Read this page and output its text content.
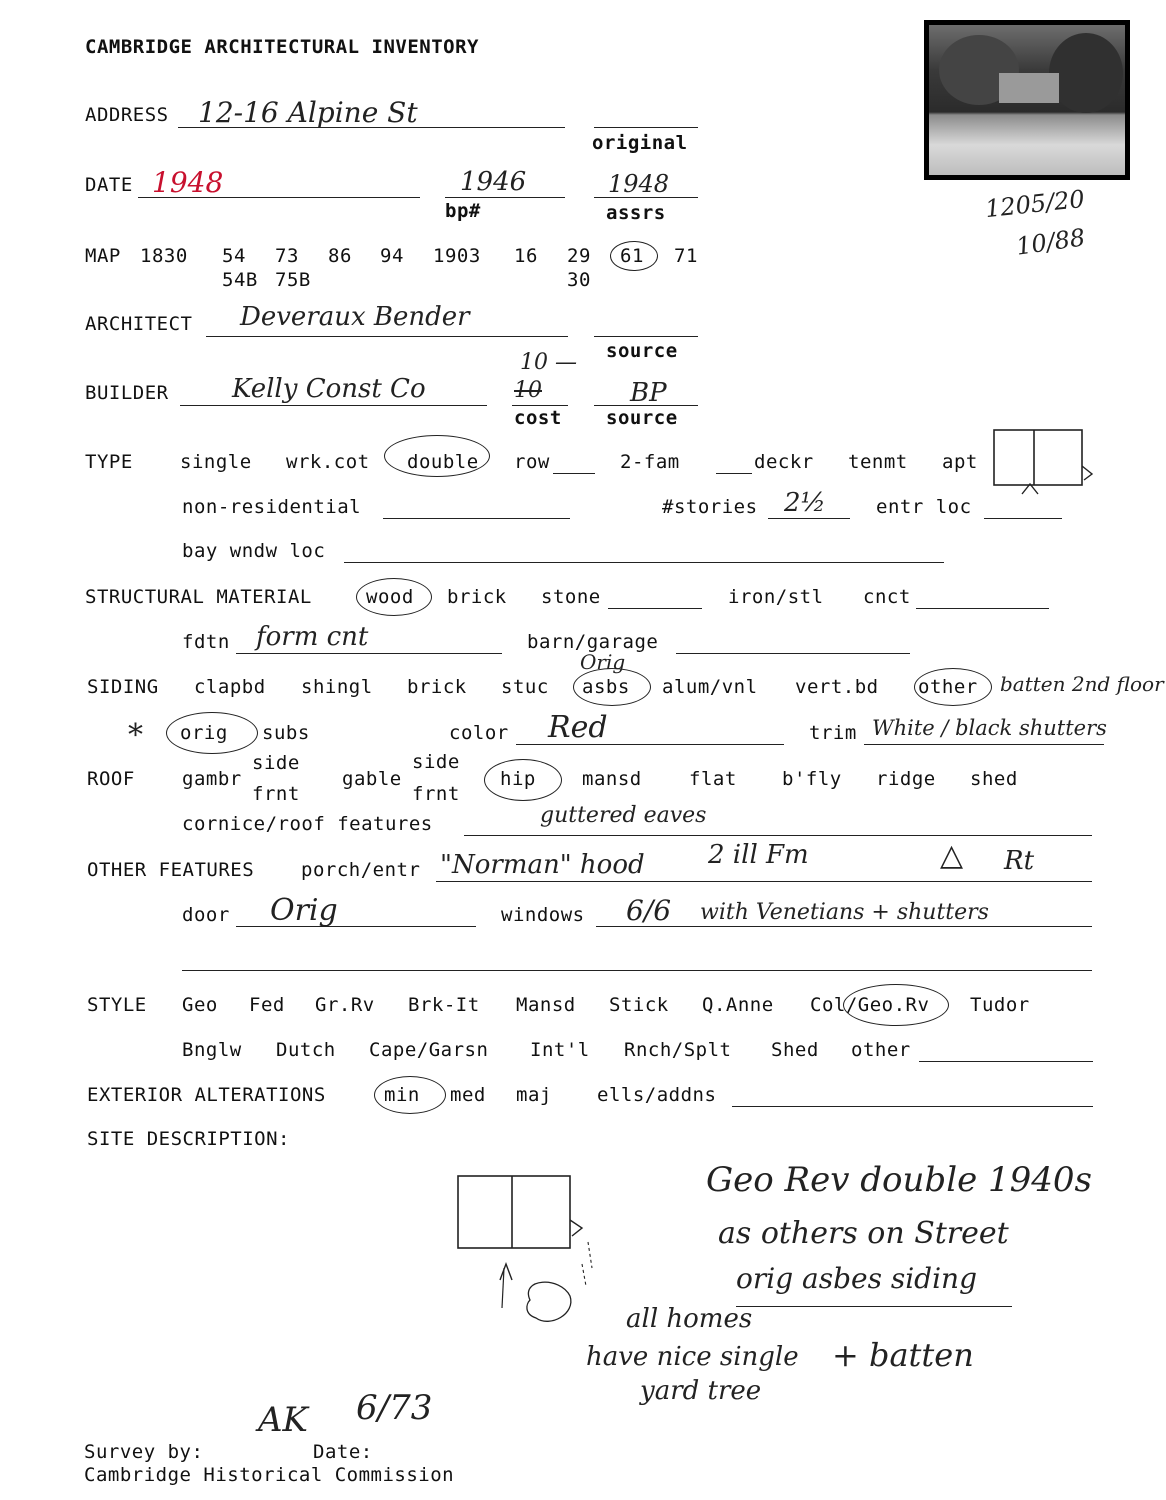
CAMBRIDGE ARCHITECTURAL INVENTORY
1205/20
10/88
ADDRESS 12-16 Alpine St
original
DATE 1948	1946
bp#
1948
assrs
MAP 1830 54 73 86 94 1903 16 29 61 71
54B 75B	30
ARCHITECT Deveraux Bender
source
BUILDER Kelly Const Co
10 —
10
cost
BP
source
TYPE single wrk.cot double row	2-fam	deckr tenmt apt
non-residential	#stories 2½	entr loc
bay wndw loc
STRUCTURAL MATERIAL	wood brick stone	iron/stl cnct
fdtn form cnt	barn/garage
Orig
SIDING clapbd shingl brick stuc asbs alum/vnl vert.bd other batten 2nd floor
* orig subs	color Red	trim White / black shutters
ROOF gambr
side
frnt
gable
side
frnt
hip mansd flat b'fly ridge shed
cornice/roof features	guttered eaves
OTHER FEATURES porch/entr "Norman" hood 2 ill Fm	△ Rt
door Orig	windows 6/6 with Venetians + shutters
STYLE Geo Fed Gr.Rv Brk-It Mansd Stick Q.Anne Col/Geo.Rv Tudor
Bnglw Dutch Cape/Garsn Int'l Rnch/Splt Shed other
EXTERIOR ALTERATIONS	min med maj ells/addns
SITE DESCRIPTION:
Geo Rev double 1940s
as others on Street
orig asbes siding
+ batten
all homes
have nice single
yard tree
AK 6/73
Survey by:	Date:
Cambridge Historical Commission
